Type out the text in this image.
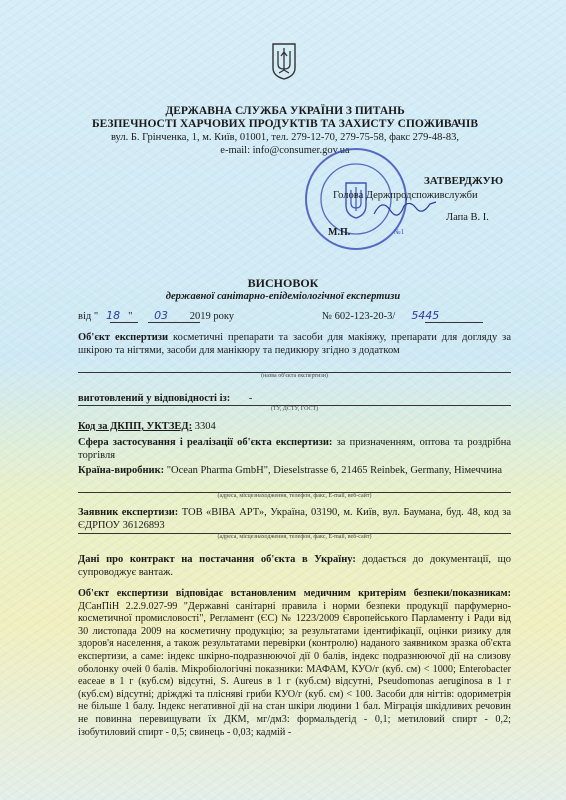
ДЕРЖАВНА СЛУЖБА УКРАЇНИ З ПИТАНЬ
БЕЗПЕЧНОСТІ ХАРЧОВИХ ПРОДУКТІВ ТА ЗАХИСТУ СПОЖИВАЧІВ
вул. Б. Грінченка, 1, м. Київ, 01001, тел. 279-12-70, 279-75-58, факс 279-48-83,
e-mail: info@consumer.gov.ua
№1
ЗАТВЕРДЖУЮ
Голова Держпродспоживслужби
Лапа В. І.
М.П.
ВИСНОВОК
державної санітарно-епідеміологічної експертизи
від " 18 " 03 2019 року	№ 602-123-20-3/ 5445
Об'єкт експертизи косметичні препарати та засоби для макіяжу, препарати для догляду за шкірою та нігтями, засоби для манікюру та педикюру згідно з додатком
(назва об'єкта експертизи)
виготовлений у відповідності із: -
(ТУ, ДСТУ, ГОСТ)
Код за ДКПП, УКТЗЕД: 3304
Сфера застосування і реалізації об'єкта експертизи: за призначенням, оптова та роздрібна торгівля
Країна-виробник: "Ocean Pharma GmbH", Dieselstrasse 6, 21465 Reinbek, Germany, Німеччина
(адреса, місцезнаходження, телефон, факс, E-mail, веб-сайт)
Заявник експертизи: ТОВ «ВІВА АРТ», Україна, 03190, м. Київ, вул. Баумана, буд. 48, код за ЄДРПОУ 36126893
(адреса, місцезнаходження, телефон, факс, E-mail, веб-сайт)
Дані про контракт на постачання об'єкта в Україну: додається до документації, що супроводжує вантаж.
Об'єкт експертизи відповідає встановленим медичним критеріям безпеки/показникам: ДСанПіН 2.2.9.027-99 "Державні санітарні правила і норми безпеки продукції парфумерно-косметичної промисловості", Регламент (ЄС) № 1223/2009 Європейського Парламенту і Ради від 30 листопада 2009 на косметичну продукцію; за результатами ідентифікації, оцінки ризику для здоров'я населення, а також результатами перевірки (контролю) наданого заявником зразка об'єкта експертизи, а саме: індекс шкірно-подразнюючої дії 0 балів, індекс подразнюючої дії на слизову оболонку очей 0 балів. Мікробіологічні показники: МАФАМ, КУО/г (куб. см) < 1000; Enterobacter eaceae в 1 г (куб.см) відсутні, S. Aureus в 1 г (куб.см) відсутні, Pseudomonas aeruginosa в 1 г (куб.см) відсутні; дріжджі та плісняві гриби КУО/г (куб. см) < 100. Засоби для нігтів: одориметрія не більше 1 балу. Індекс негативної дії на стан шкіри людини 1 бал. Міграція шкідливих речовин не повинна перевищувати їх ДКМ, мг/дм3: формальдегід - 0,1; метиловий спирт - 0,2; ізобутиловий спирт - 0,5; свинець - 0,03; кадмій -
